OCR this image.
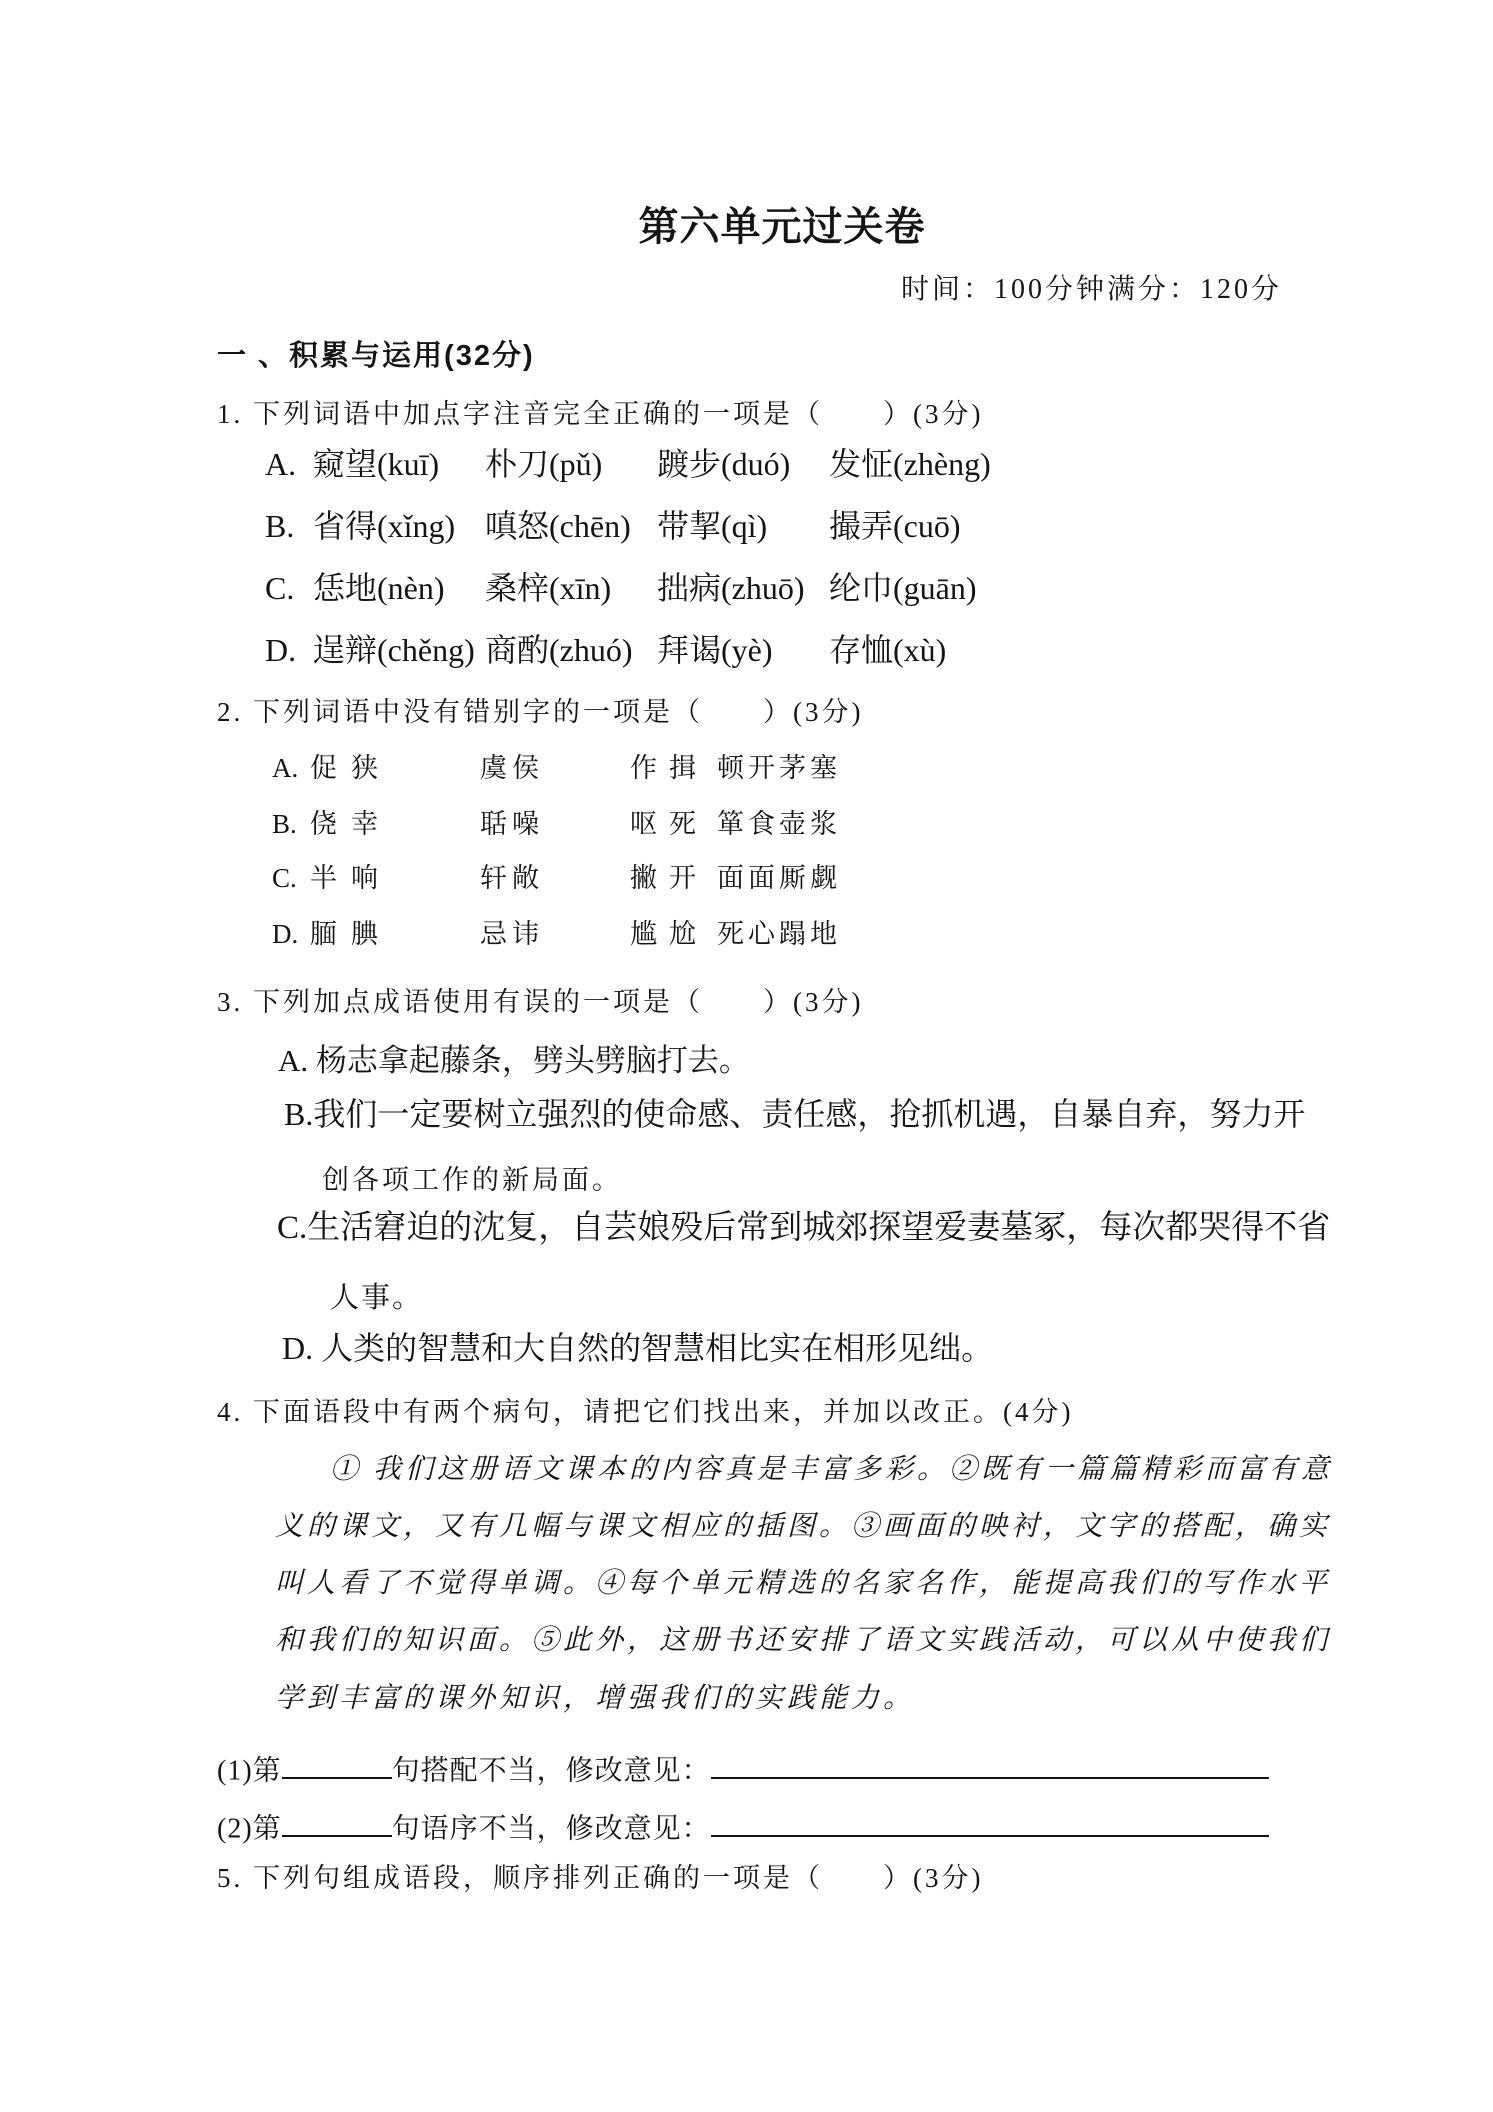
第六单元过关卷
时间：100分钟满分：120分
一 、积累与运用(32分)
1. 下列词语中加点字注音完全正确的一项是（　　）(3分)
A. 窥望(kuī) 朴刀(pǔ) 踱步(duó) 发怔(zhèng)
B. 省得(xǐng) 嗔怒(chēn) 带挈(qì) 撮弄(cuō)
C. 恁地(nèn) 桑梓(xīn) 拙病(zhuō) 纶巾(guān)
D. 逞辩(chěng) 商酌(zhuó) 拜谒(yè) 存恤(xù)
2. 下列词语中没有错别字的一项是（　　）(3分)
A. 促狭	虞侯	作揖 顿开茅塞
B. 侥幸	聒噪	呕死 箪食壶浆
C. 半响	轩敞	撇开 面面厮觑
D. 腼腆	忌讳	尴尬 死心蹋地
3. 下列加点成语使用有误的一项是（　　）(3分)
A. 杨志拿起藤条，劈头劈脑打去。
B.我们一定要树立强烈的使命感、责任感，抢抓机遇，自暴自弃，努力开
创各项工作的新局面。
C.生活窘迫的沈复，自芸娘殁后常到城郊探望爱妻墓冢，每次都哭得不省
人事。
D. 人类的智慧和大自然的智慧相比实在相形见绌。
4. 下面语段中有两个病句，请把它们找出来，并加以改正。(4分)
① 我们这册语文课本的内容真是丰富多彩。②既有一篇篇精彩而富有意
义的课文，又有几幅与课文相应的插图。③画面的映衬，文字的搭配，确实
叫人看了不觉得单调。④每个单元精选的名家名作，能提高我们的写作水平
和我们的知识面。⑤此外，这册书还安排了语文实践活动，可以从中使我们
学到丰富的课外知识，增强我们的实践能力。
(1)第	句搭配不当，修改意见：
(2)第	句语序不当，修改意见：
5. 下列句组成语段，顺序排列正确的一项是（　　）(3分)
